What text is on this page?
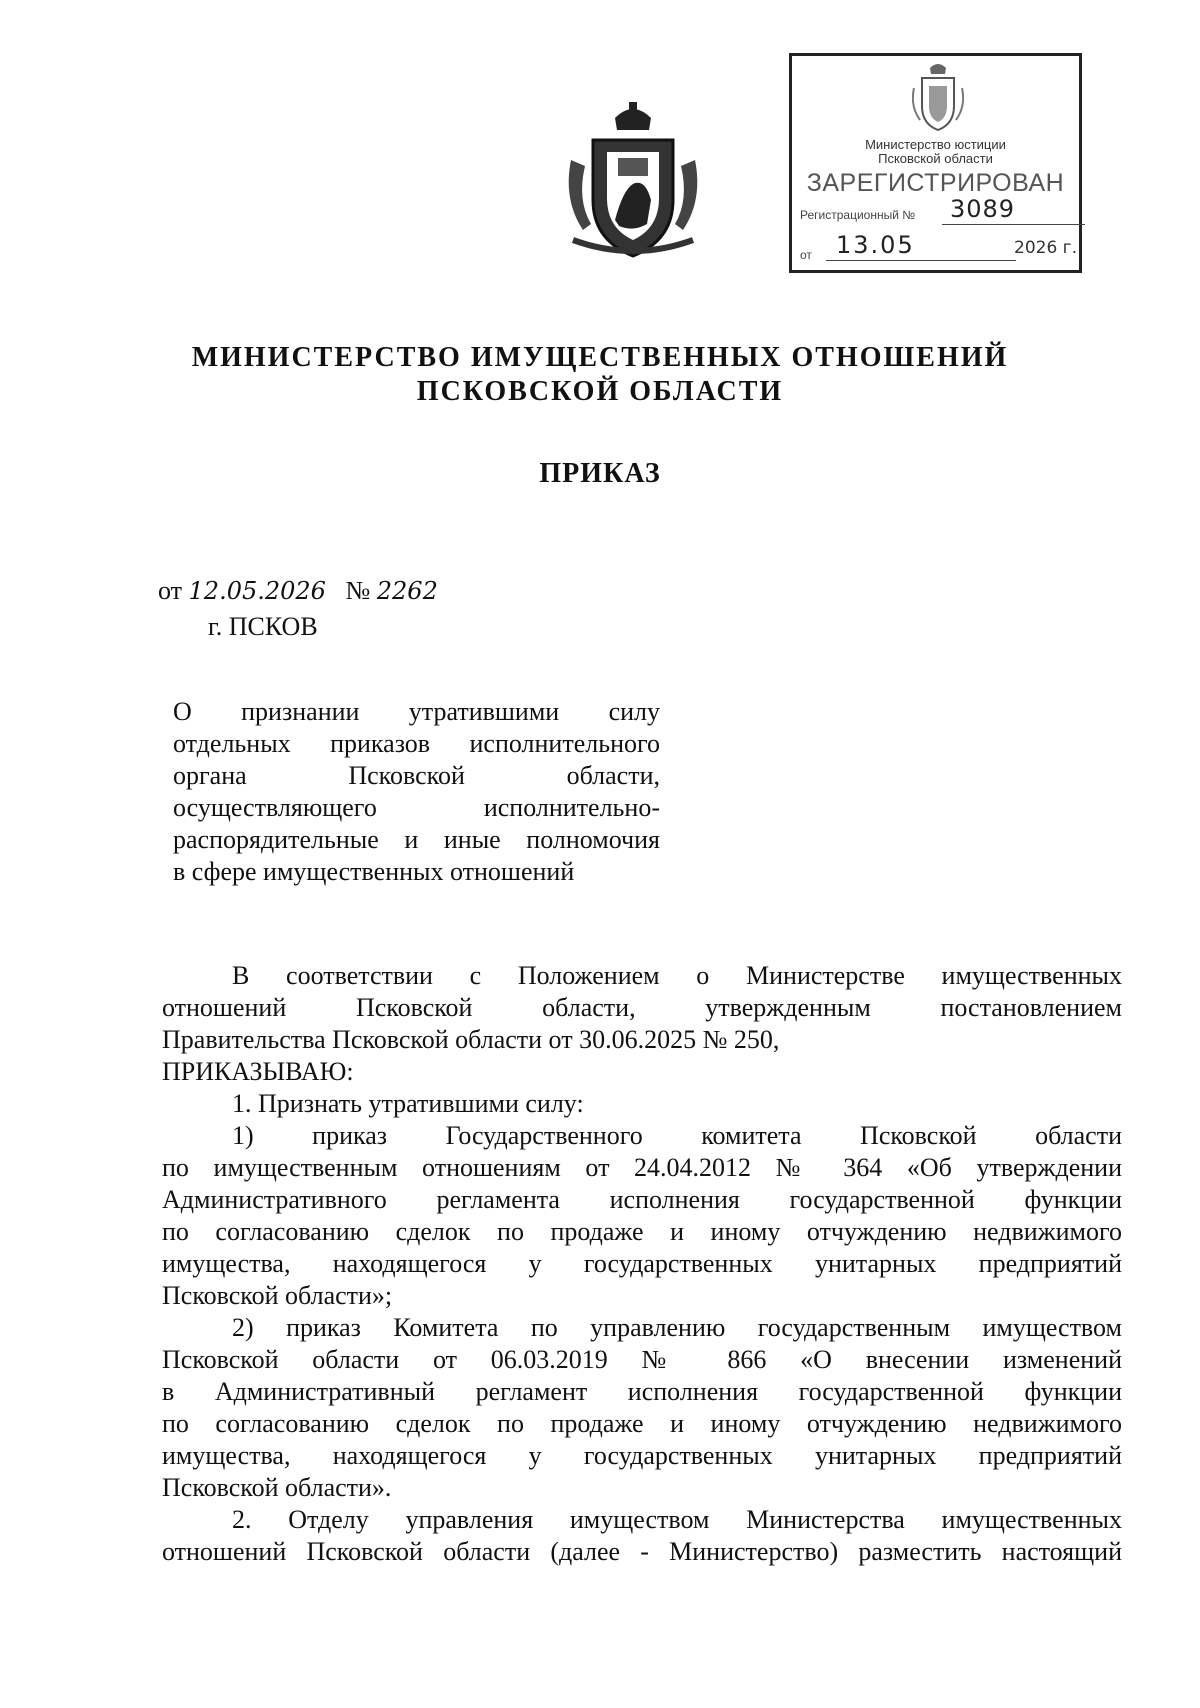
Министерство юстиции
Псковской области
ЗАРЕГИСТРИРОВАН
Регистрационный №	3089
от	13.05	2026 г.
МИНИСТЕРСТВО ИМУЩЕСТВЕННЫХ ОТНОШЕНИЙ
ПСКОВСКОЙ ОБЛАСТИ
ПРИКАЗ
от 12.05.2026 № 2262
г. ПСКОВ
О признании утратившими силу
отдельных приказов исполнительного
органа Псковской области,
осуществляющего исполнительно-
распорядительные и иные полномочия
в сфере имущественных отношений
В соответствии с Положением о Министерстве имущественных
отношений Псковской области, утвержденным постановлением
Правительства Псковской области от 30.06.2025 № 250,
ПРИКАЗЫВАЮ:
1. Признать утратившими силу:
1) приказ Государственного комитета Псковской области
по имущественным отношениям от 24.04.2012 № 364 «Об утверждении
Административного регламента исполнения государственной функции
по согласованию сделок по продаже и иному отчуждению недвижимого
имущества, находящегося у государственных унитарных предприятий
Псковской области»;
2) приказ Комитета по управлению государственным имуществом
Псковской области от 06.03.2019 № 866 «О внесении изменений
в Административный регламент исполнения государственной функции
по согласованию сделок по продаже и иному отчуждению недвижимого
имущества, находящегося у государственных унитарных предприятий
Псковской области».
2. Отделу управления имуществом Министерства имущественных
отношений Псковской области (далее - Министерство) разместить настоящий
